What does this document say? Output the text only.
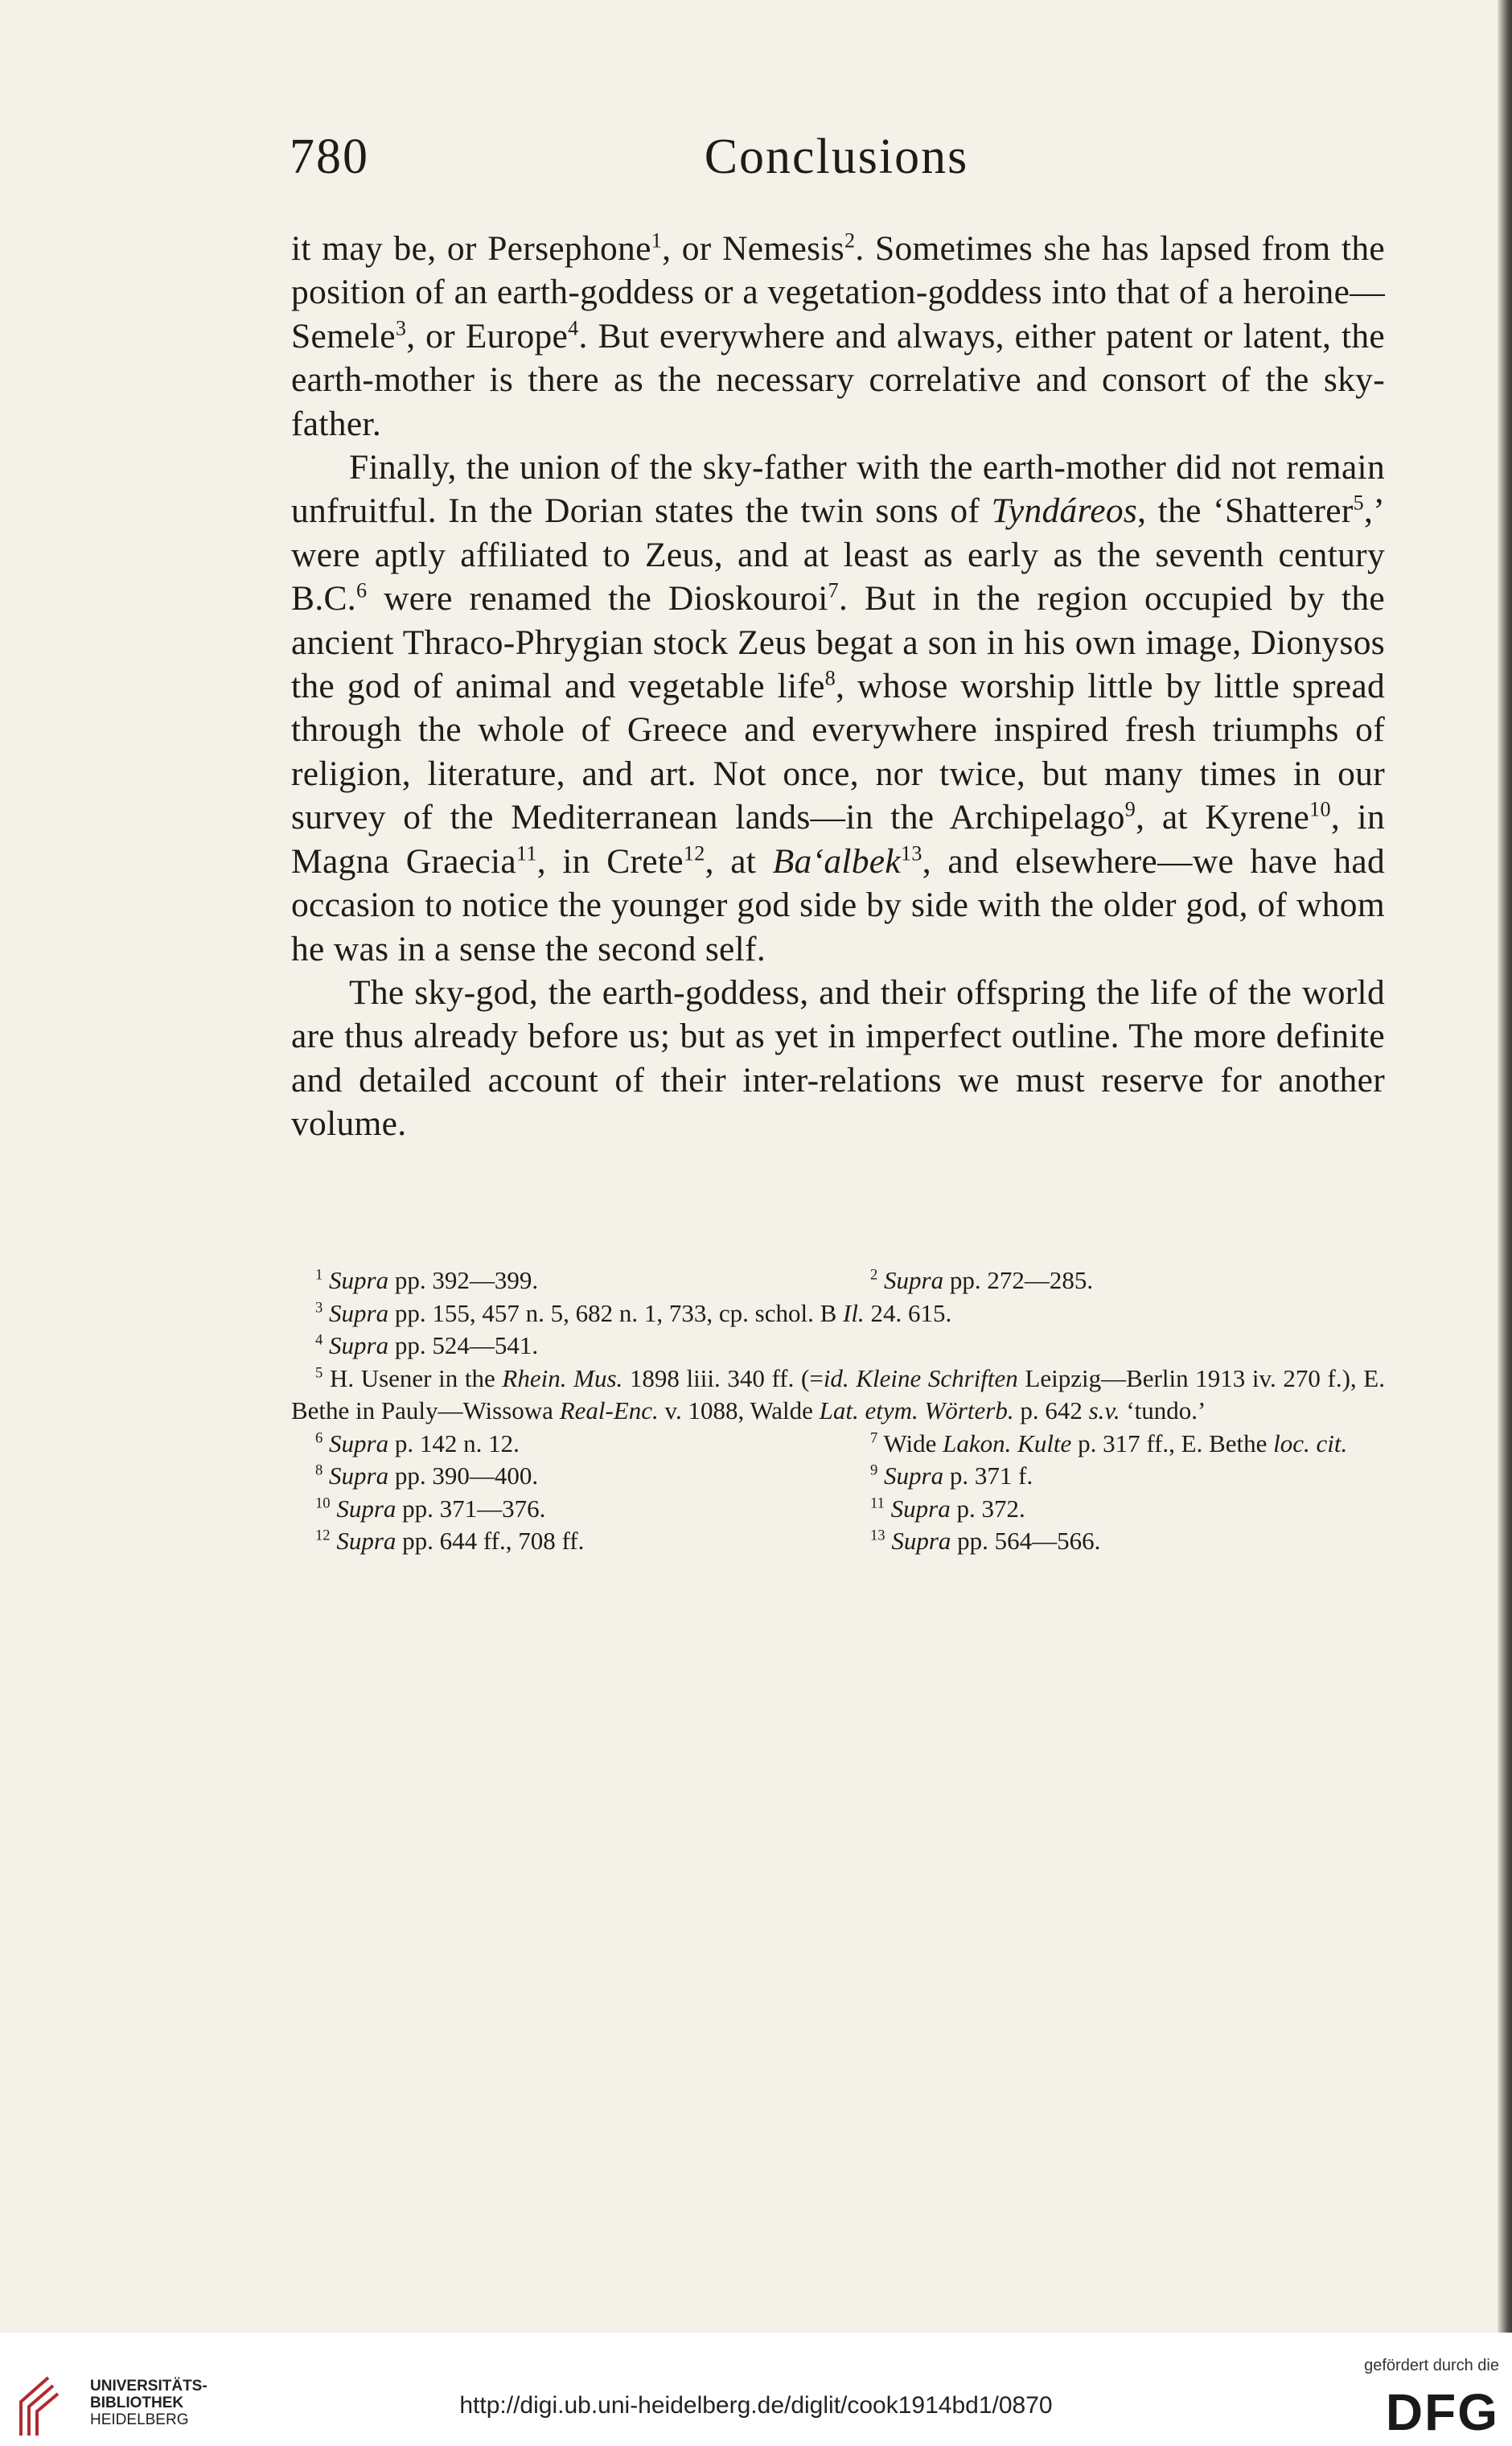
780	Conclusions

it may be, or Persephone$^1$, or Nemesis$^2$. Sometimes she has lapsed from the position of an earth-goddess or a vegetation-goddess into that of a heroine—Semele$^3$, or Europe$^4$. But everywhere and always, either patent or latent, the earth-mother is there as the necessary correlative and consort of the sky-father.

Finally, the union of the sky-father with the earth-mother did not remain unfruitful. In the Dorian states the twin sons of Tyndáreos, the ‘Shatterer$^5$,’ were aptly affiliated to Zeus, and at least as early as the seventh century B.C.$^6$ were renamed the Dioskouroi$^7$. But in the region occupied by the ancient Thraco-Phrygian stock Zeus begat a son in his own image, Dionysos the god of animal and vegetable life$^8$, whose worship little by little spread through the whole of Greece and everywhere inspired fresh triumphs of religion, literature, and art. Not once, nor twice, but many times in our survey of the Mediterranean lands—in the Archipelago$^9$, at Kyrene$^{10}$, in Magna Graecia$^{11}$, in Crete$^{12}$, at Ba‘albek$^{13}$, and elsewhere—we have had occasion to notice the younger god side by side with the older god, of whom he was in a sense the second self.

The sky-god, the earth-goddess, and their offspring the life of the world are thus already before us; but as yet in imperfect outline. The more definite and detailed account of their inter-relations we must reserve for another volume.

$^1$ Supra pp. 392—399.	$^2$ Supra pp. 272—285.
$^3$ Supra pp. 155, 457 n. 5, 682 n. 1, 733, cp. schol. B Il. 24. 615.
$^4$ Supra pp. 524—541.
$^5$ H. Usener in the Rhein. Mus. 1898 liii. 340 ff. (=id. Kleine Schriften Leipzig—Berlin 1913 iv. 270 f.), E. Bethe in Pauly—Wissowa Real-Enc. v. 1088, Walde Lat. etym. Wörterb. p. 642 s.v. ‘tundo.’
$^6$ Supra p. 142 n. 12.	$^7$ Wide Lakon. Kulte p. 317 ff., E. Bethe loc. cit.
$^8$ Supra pp. 390—400.	$^9$ Supra p. 371 f.
$^{10}$ Supra pp. 371—376.	$^{11}$ Supra p. 372.
$^{12}$ Supra pp. 644 ff., 708 ff.	$^{13}$ Supra pp. 564—566.
UNIVERSITÄTS-
BIBLIOTHEK
HEIDELBERG
http://digi.ub.uni-heidelberg.de/diglit/cook1914bd1/0870
gefördert durch die
DFG
